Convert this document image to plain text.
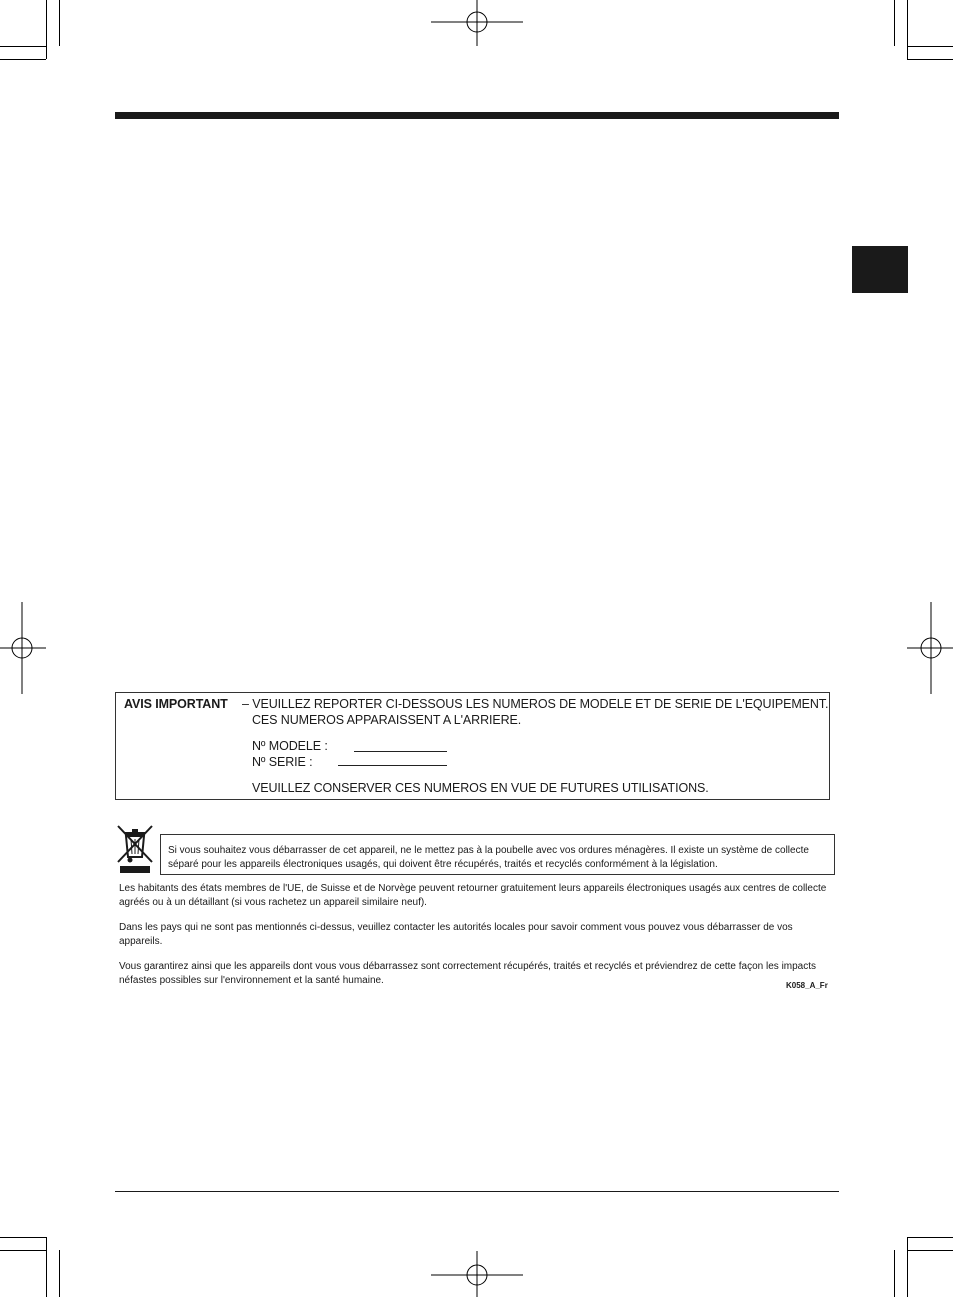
AVIS IMPORTANT – VEUILLEZ REPORTER CI-DESSOUS LES NUMEROS DE MODELE ET DE SERIE DE L'EQUIPEMENT.
CES NUMEROS APPARAISSENT A L'ARRIERE.
Nº MODELE :
Nº SERIE :
VEUILLEZ CONSERVER CES NUMEROS EN VUE DE FUTURES UTILISATIONS.
Si vous souhaitez vous débarrasser de cet appareil, ne le mettez pas à la poubelle avec vos ordures ménagères. Il existe un système de collecte séparé pour les appareils électroniques usagés, qui doivent être récupérés, traités et recyclés conformément à la législation.
Les habitants des états membres de l'UE, de Suisse et de Norvège peuvent retourner gratuitement leurs appareils électroniques usagés aux centres de collecte agréés ou à un détaillant (si vous rachetez un appareil similaire neuf).
Dans les pays qui ne sont pas mentionnés ci-dessus, veuillez contacter les autorités locales pour savoir comment vous pouvez vous débarrasser de vos appareils.
Vous garantirez ainsi que les appareils dont vous vous débarrassez sont correctement récupérés, traités et recyclés et préviendrez de cette façon les impacts néfastes possibles sur l'environnement et la santé humaine.	K058_A_Fr
